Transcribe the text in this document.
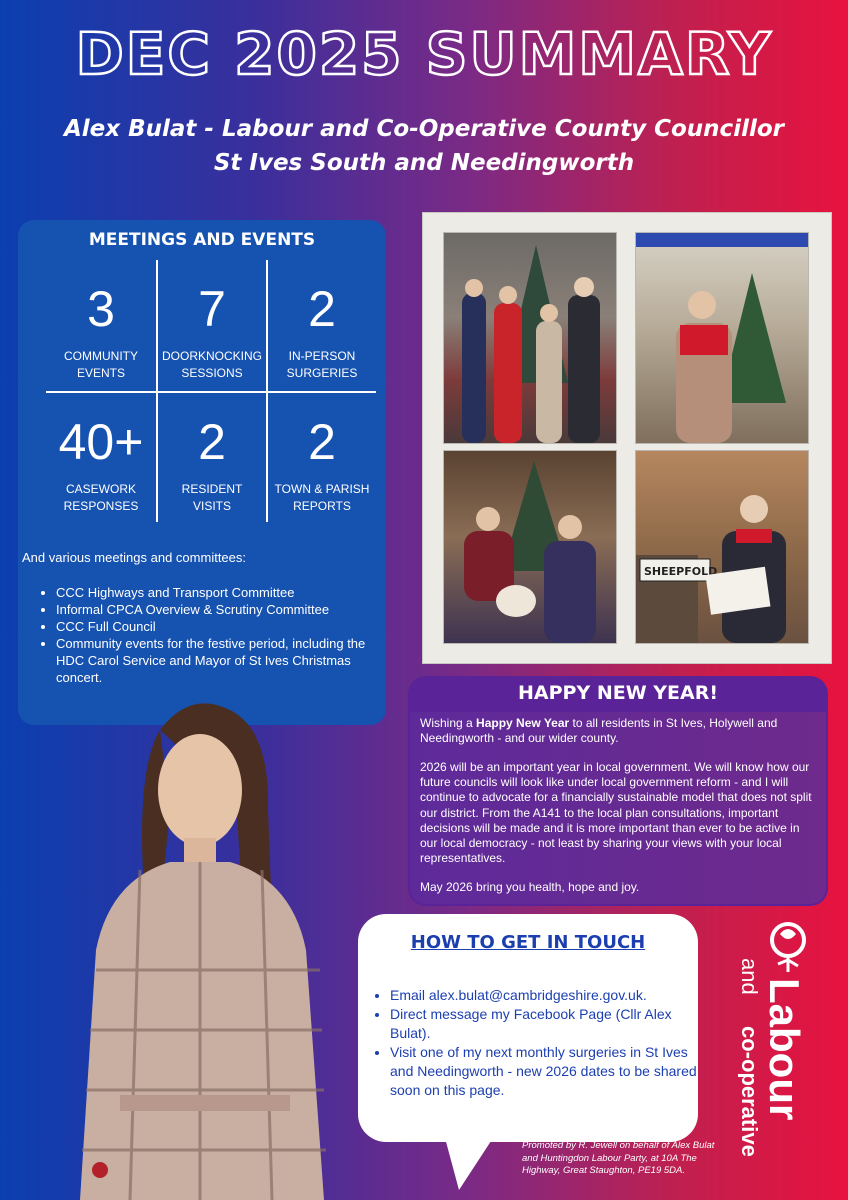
DEC 2025 SUMMARY
Alex Bulat - Labour and Co-Operative County Councillor
St Ives South and Needingworth
MEETINGS AND EVENTS
3
COMMUNITY
EVENTS
7
DOORKNOCKING
SESSIONS
2
IN-PERSON
SURGERIES
40+
CASEWORK
RESPONSES
2
RESIDENT
VISITS
2
TOWN & PARISH
REPORTS
And various meetings and committees:
• CCC Highways and Transport Committee
• Informal CPCA Overview & Scrutiny Committee
• CCC Full Council
• Community events for the festive period, including the HDC Carol Service and Mayor of St Ives Christmas concert.
SHEEPFOLD
HAPPY NEW YEAR!

Wishing a Happy New Year to all residents in St Ives, Holywell and Needingworth - and our wider county.

2026 will be an important year in local government. We will know how our future councils will look like under local government reform - and I will continue to advocate for a financially sustainable model that does not split our district. From the A141 to the local plan consultations, important decisions will be made and it is more important than ever to be active in our local democracy - not least by sharing your views with your local representatives.

May 2026 bring you health, hope and joy.

HOW TO GET IN TOUCH
• Email alex.bulat@cambridgeshire.gov.uk.
• Direct message my Facebook Page (Cllr Alex Bulat).
• Visit one of my next monthly surgeries in St Ives and Needingworth - new 2026 dates to be shared soon on this page.	Labour
and
co-operative
Promoted by R. Jewell on behalf of Alex Bulat and Huntingdon Labour Party, at 10A The Highway, Great Staughton, PE19 5DA.
